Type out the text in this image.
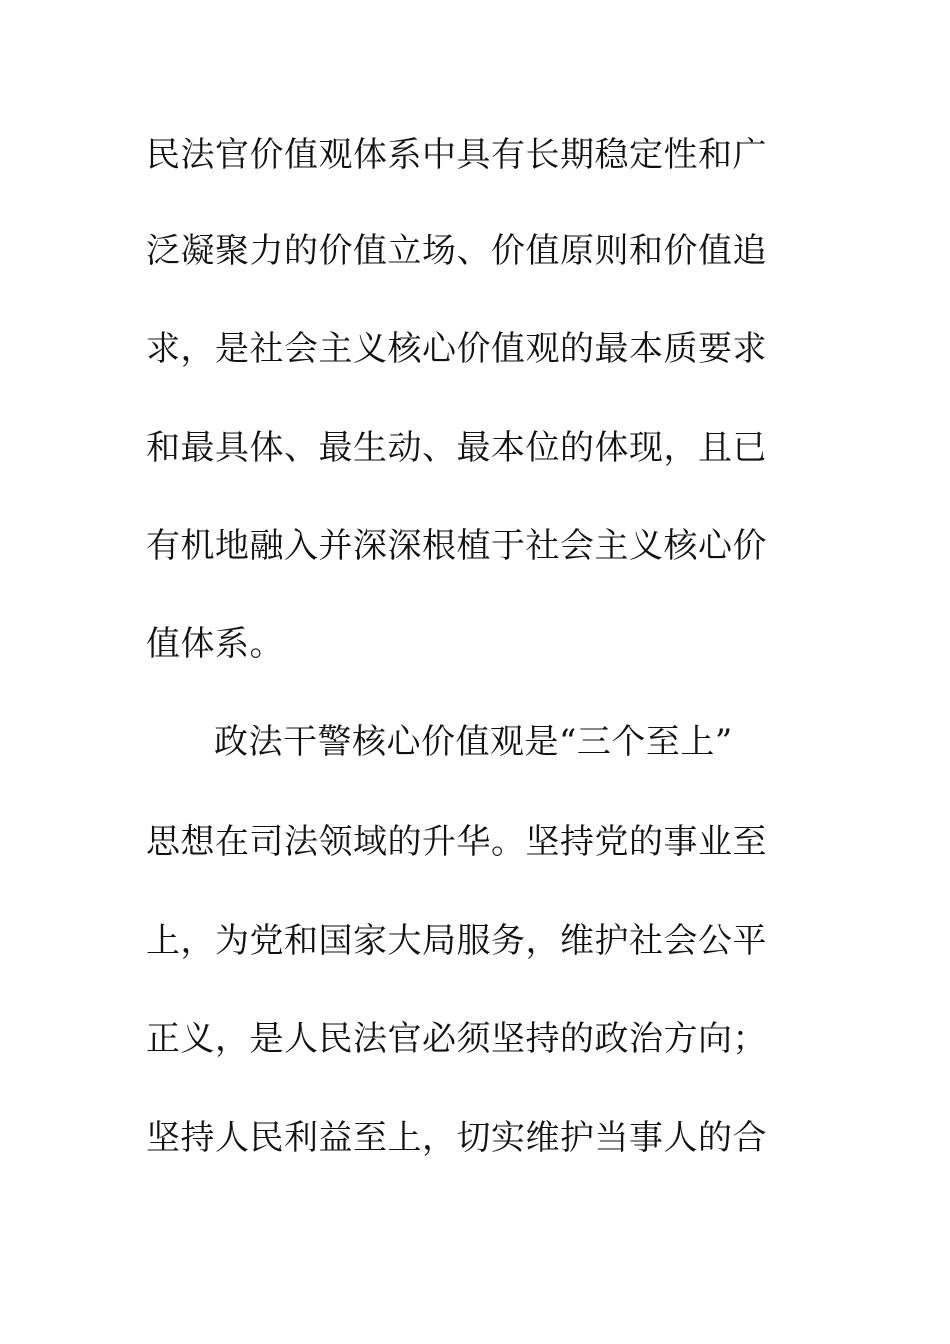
民法官价值观体系中具有长期稳定性和广
泛凝聚力的价值立场、价值原则和价值追
求，是社会主义核心价值观的最本质要求
和最具体、最生动、最本位的体现，且已
有机地融入并深深根植于社会主义核心价
值体系。
政法干警核心价值观是“三个至上”
思想在司法领域的升华。坚持党的事业至
上，为党和国家大局服务，维护社会公平
正义，是人民法官必须坚持的政治方向；
坚持人民利益至上，切实维护当事人的合
